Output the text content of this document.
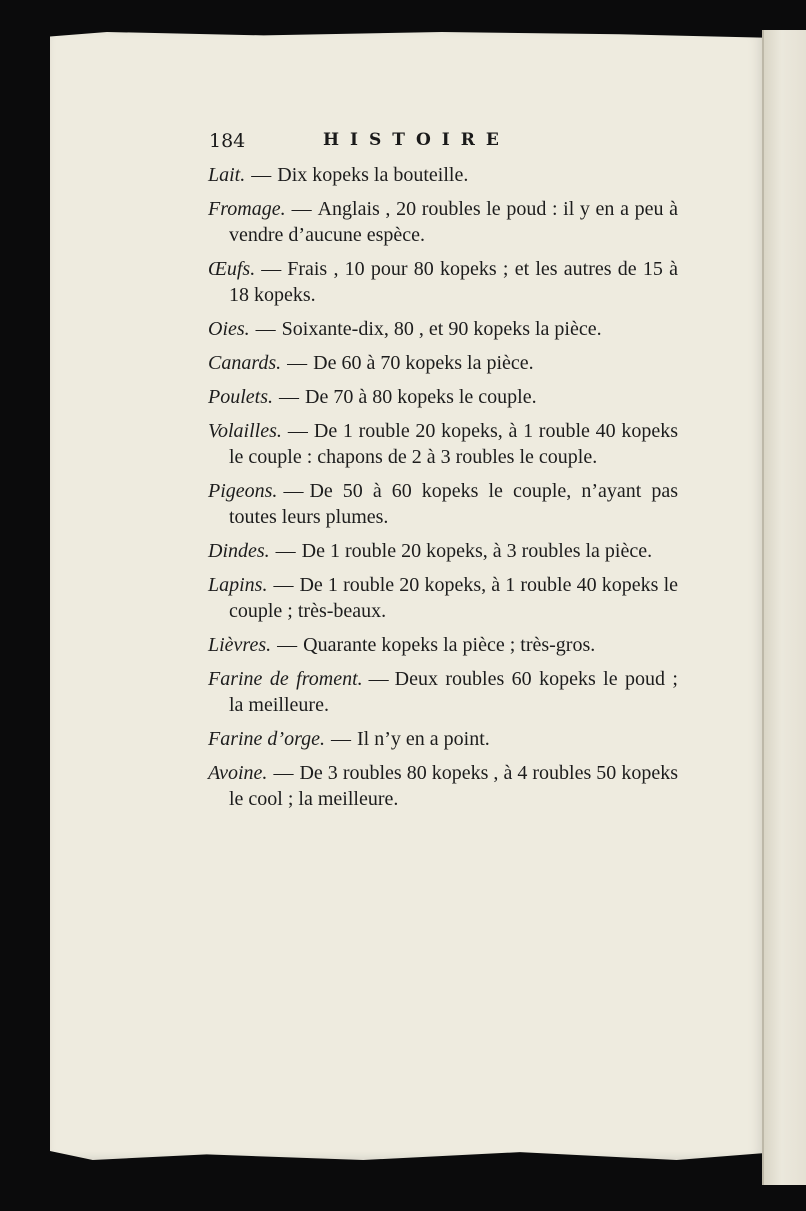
184	HISTOIRE

Lait. — Dix kopeks la bouteille.

Fromage. — Anglais , 20 roubles le poud : il y en a peu à vendre d’aucune espèce.

Œufs. — Frais , 10 pour 80 kopeks ; et les autres de 15 à 18 kopeks.

Oies. — Soixante-dix, 80 , et 90 kopeks la pièce.

Canards. — De 60 à 70 kopeks la pièce.

Poulets. — De 70 à 80 kopeks le couple.

Volailles. — De 1 rouble 20 kopeks, à 1 rouble 40 kopeks le couple : chapons de 2 à 3 roubles le couple.

Pigeons. — De 50 à 60 kopeks le couple, n’ayant pas toutes leurs plumes.

Dindes. — De 1 rouble 20 kopeks, à 3 roubles la pièce.

Lapins. — De 1 rouble 20 kopeks, à 1 rouble 40 kopeks le couple ; très-beaux.

Lièvres. — Quarante kopeks la pièce ; très-gros.

Farine de froment. — Deux roubles 60 kopeks le poud ; la meilleure.

Farine d’orge. — Il n’y en a point.

Avoine. — De 3 roubles 80 kopeks , à 4 roubles 50 kopeks le cool ; la meilleure.
